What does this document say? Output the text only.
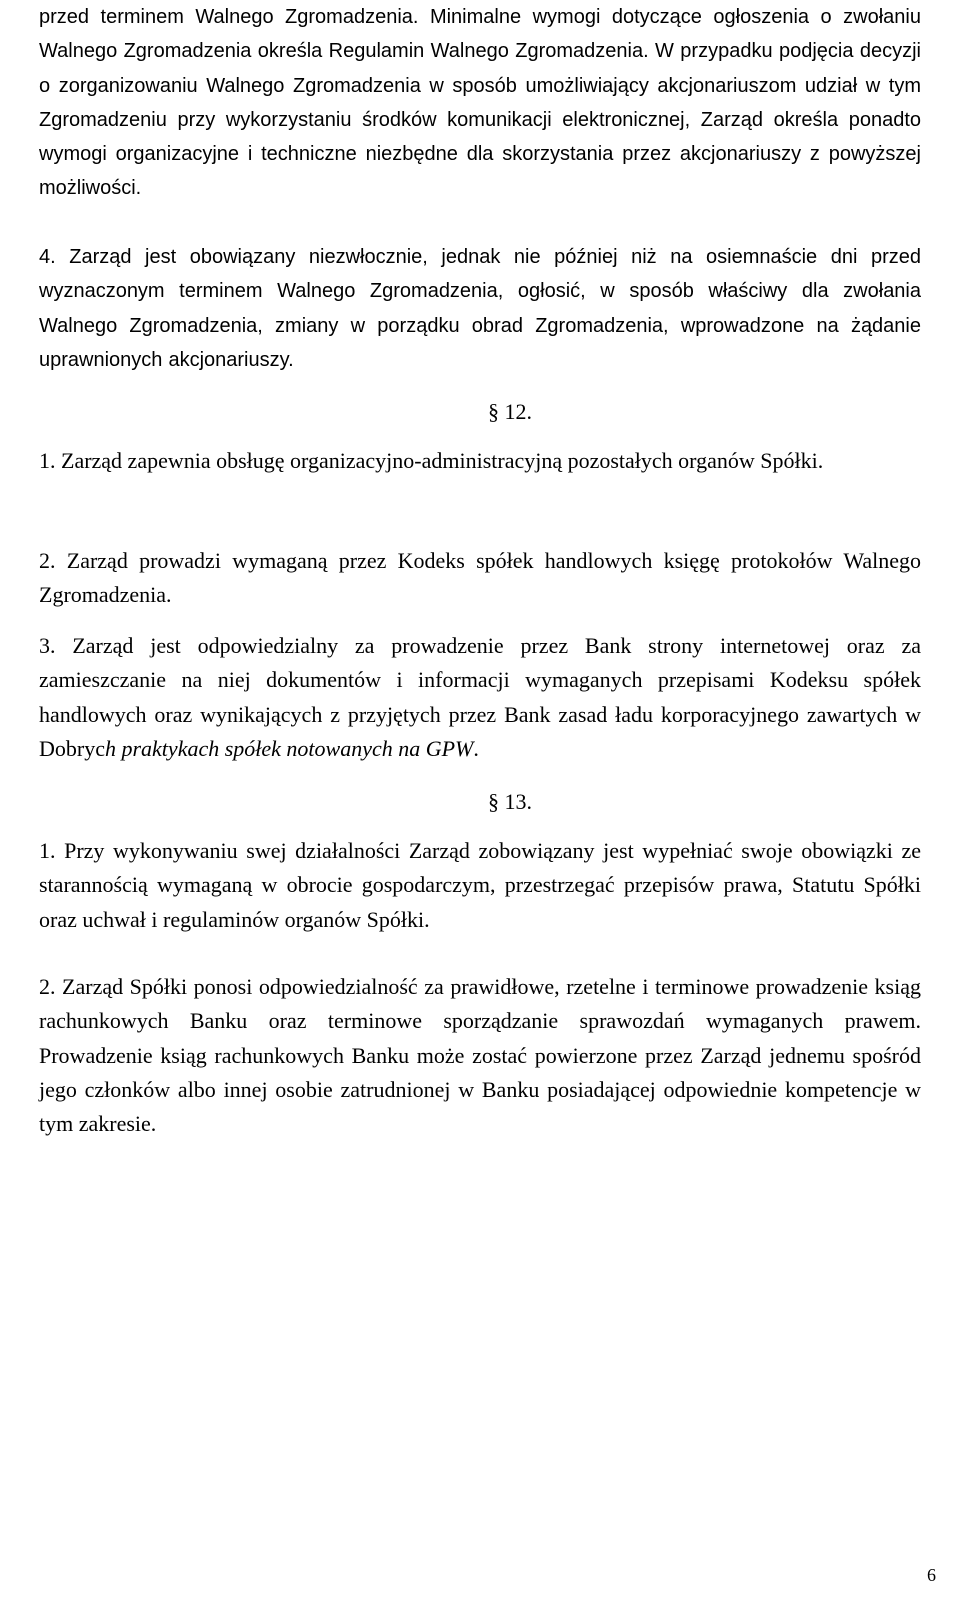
przed terminem Walnego Zgromadzenia. Minimalne wymogi dotyczące ogłoszenia o zwołaniu Walnego Zgromadzenia określa Regulamin Walnego Zgromadzenia. W przypadku podjęcia decyzji o zorganizowaniu Walnego Zgromadzenia w sposób umożliwiający akcjonariuszom udział w tym Zgromadzeniu przy wykorzystaniu środków komunikacji elektronicznej, Zarząd określa ponadto wymogi organizacyjne i techniczne niezbędne dla skorzystania przez akcjonariuszy z powyższej możliwości.

4. Zarząd jest obowiązany niezwłocznie, jednak nie później niż na osiemnaście dni przed wyznaczonym terminem Walnego Zgromadzenia, ogłosić, w sposób właściwy dla zwołania Walnego Zgromadzenia, zmiany w porządku obrad Zgromadzenia, wprowadzone na żądanie uprawnionych akcjonariuszy.

§ 12.

1. Zarząd zapewnia obsługę organizacyjno-administracyjną pozostałych organów Spółki.

2. Zarząd prowadzi wymaganą przez Kodeks spółek handlowych księgę protokołów Walnego Zgromadzenia.

3. Zarząd jest odpowiedzialny za prowadzenie przez Bank strony internetowej oraz za zamieszczanie na niej dokumentów i informacji wymaganych przepisami Kodeksu spółek handlowych oraz wynikających z przyjętych przez Bank zasad ładu korporacyjnego zawartych w Dobrych praktykach spółek notowanych na GPW.

§ 13.

1. Przy wykonywaniu swej działalności Zarząd zobowiązany jest wypełniać swoje obowiązki ze starannością wymaganą w obrocie gospodarczym, przestrzegać przepisów prawa, Statutu Spółki oraz uchwał i regulaminów organów Spółki.

2. Zarząd Spółki ponosi odpowiedzialność za prawidłowe, rzetelne i terminowe prowadzenie ksiąg rachunkowych Banku oraz terminowe sporządzanie sprawozdań wymaganych prawem. Prowadzenie ksiąg rachunkowych Banku może zostać powierzone przez Zarząd jednemu spośród jego członków albo innej osobie zatrudnionej w Banku posiadającej odpowiednie kompetencje w tym zakresie.

6
